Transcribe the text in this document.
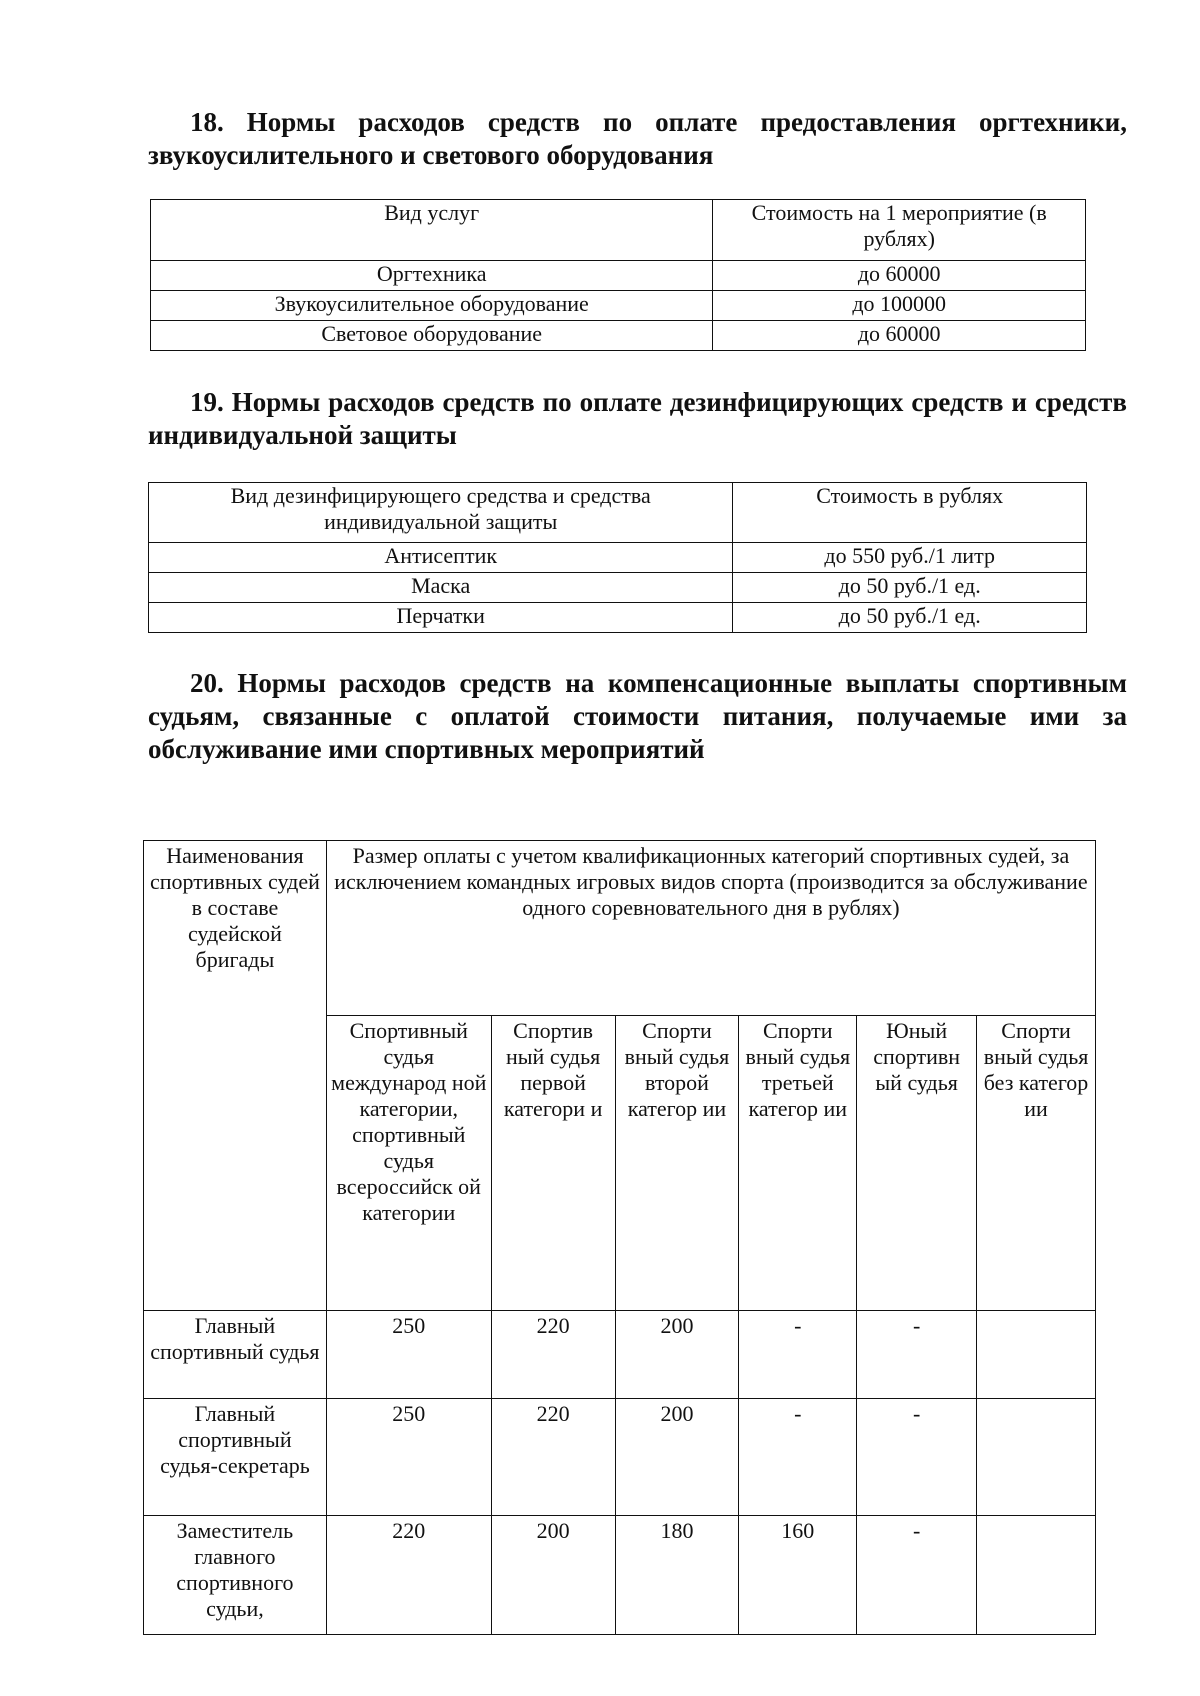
18. Нормы расходов средств по оплате предоставления оргтехники, звукоусилительного и светового оборудования
Вид услуг	Стоимость на 1 мероприятие (в рублях)
Оргтехника	до 60000
Звукоусилительное оборудование	до 100000
Световое оборудование	до 60000
19. Нормы расходов средств по оплате дезинфицирующих средств и средств индивидуальной защиты
Вид дезинфицирующего средства и средства индивидуальной защиты	Стоимость в рублях
Антисептик	до 550 руб./1 литр
Маска	до 50 руб./1 ед.
Перчатки	до 50 руб./1 ед.
20. Нормы расходов средств на компенсационные выплаты спортивным судьям, связанные с оплатой стоимости питания, получаемые ими за обслуживание ими спортивных мероприятий
Наименования спортивных судей в составе судейской бригады	Размер оплаты с учетом квалификационных категорий спортивных судей, за исключением командных игровых видов спорта (производится за обслуживание одного соревновательного дня в рублях)					
	Спортивный судья международ ной категории, спортивный судья всероссийск ой категории	Спортив ный судья первой категори и	Спорти вный судья второй категор ии	Спорти вный судья третьей категор ии	Юный спортивн ый судья	Спорти вный судья без категор ии
Главный спортивный судья	250	220	200	-	-	
Главный спортивный судья-секретарь	250	220	200	-	-	
Заместитель главного спортивного судьи,	220	200	180	160	-	
